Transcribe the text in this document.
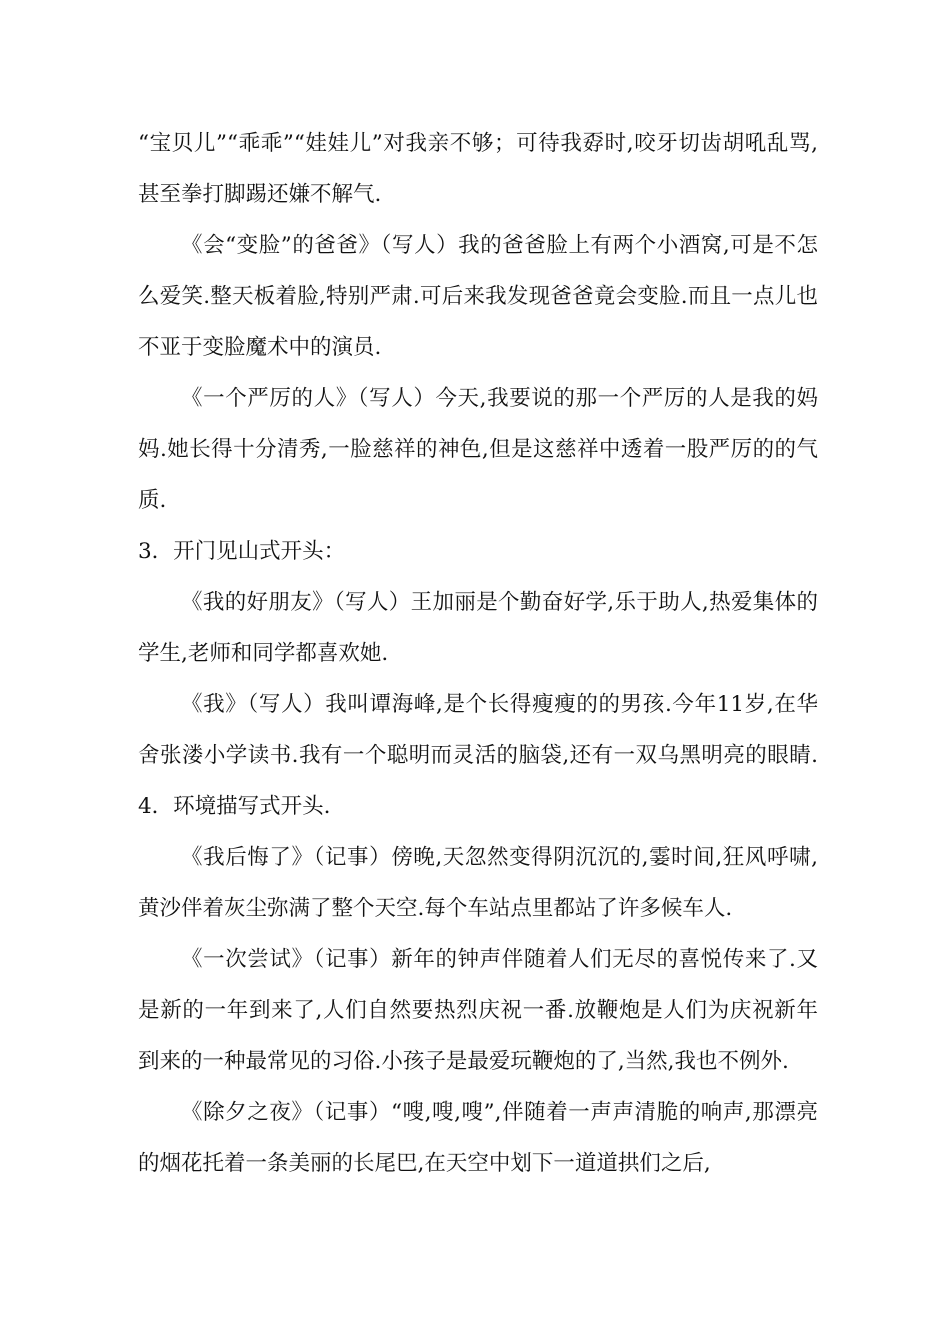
“宝贝儿”“乖乖”“娃娃儿”对我亲不够；可待我孬时,咬牙切齿胡吼乱骂,甚至拳打脚踢还嫌不解气.

《会“变脸”的爸爸》（写人）我的爸爸脸上有两个小酒窝,可是不怎么爱笑.整天板着脸,特别严肃.可后来我发现爸爸竟会变脸.而且一点儿也不亚于变脸魔术中的演员.

《一个严厉的人》（写人）今天,我要说的那一个严厉的人是我的妈妈.她长得十分清秀,一脸慈祥的神色,但是这慈祥中透着一股严厉的的气质.

3．开门见山式开头：

《我的好朋友》（写人）王加丽是个勤奋好学,乐于助人,热爱集体的学生,老师和同学都喜欢她.

《我》（写人）我叫谭海峰,是个长得瘦瘦的的男孩.今年11岁,在华舍张溇小学读书.我有一个聪明而灵活的脑袋,还有一双乌黑明亮的眼睛.4．环境描写式开头.

《我后悔了》（记事）傍晚,天忽然变得阴沉沉的,霎时间,狂风呼啸,黄沙伴着灰尘弥满了整个天空.每个车站点里都站了许多候车人.

《一次尝试》（记事）新年的钟声伴随着人们无尽的喜悦传来了.又是新的一年到来了,人们自然要热烈庆祝一番.放鞭炮是人们为庆祝新年到来的一种最常见的习俗.小孩子是最爱玩鞭炮的了,当然,我也不例外.

《除夕之夜》（记事）“嗖,嗖,嗖”,伴随着一声声清脆的响声,那漂亮的烟花托着一条美丽的长尾巴,在天空中划下一道道拱们之后,
